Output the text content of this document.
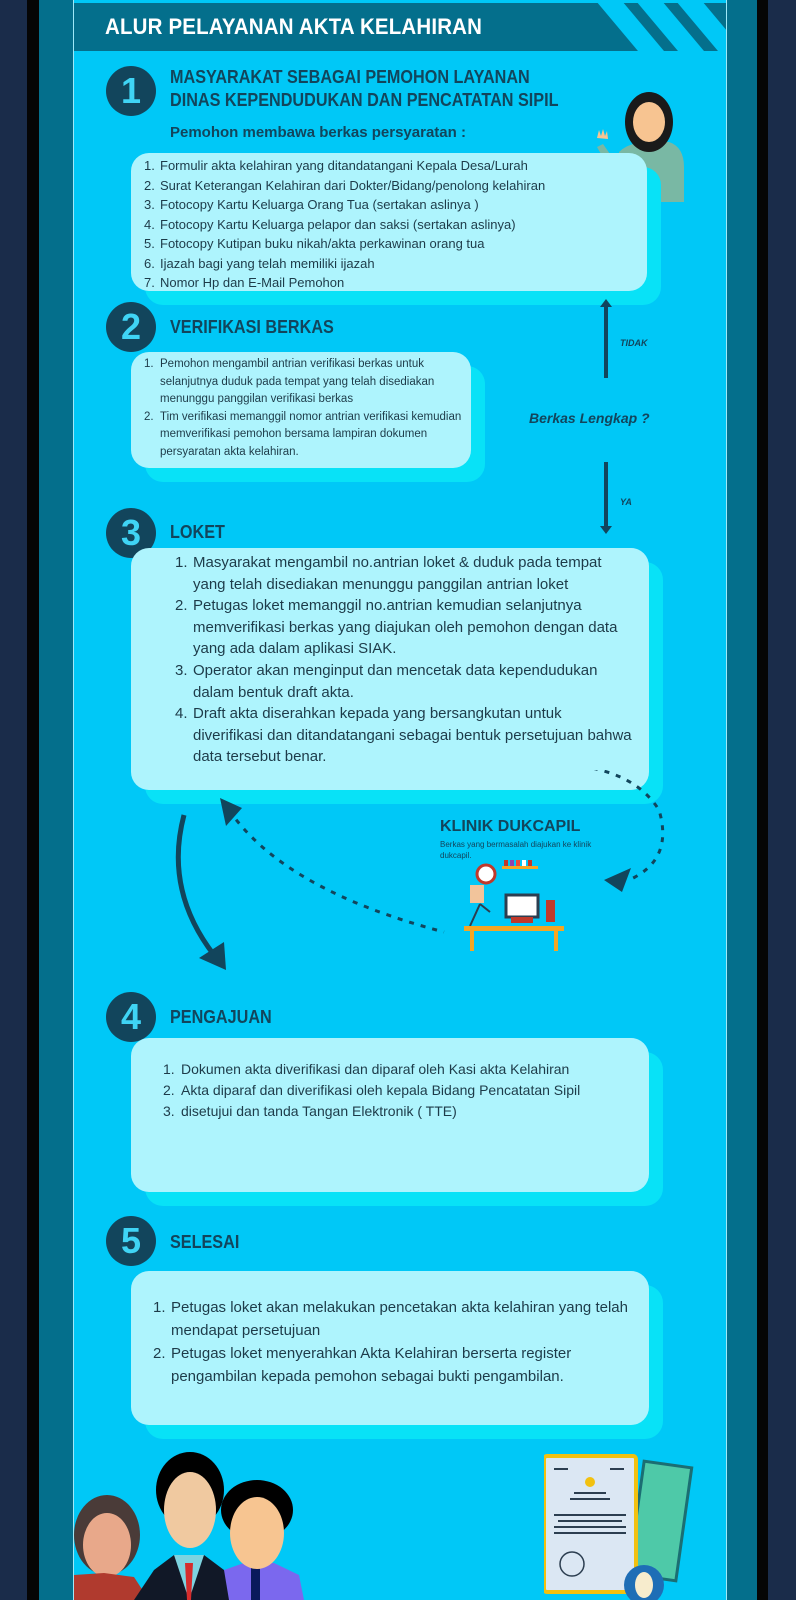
ALUR PELAYANAN AKTA KELAHIRAN
1	MASYARAKAT SEBAGAI PEMOHON LAYANAN
DINAS KEPENDUDUKAN DAN PENCATATAN SIPIL
Pemohon membawa berkas persyaratan :
1. Formulir akta kelahiran yang ditandatangani Kepala Desa/Lurah
2. Surat Keterangan Kelahiran dari Dokter/Bidang/penolong kelahiran
3. Fotocopy Kartu Keluarga Orang Tua (sertakan aslinya )
4. Fotocopy Kartu Keluarga pelapor dan saksi (sertakan aslinya)
5. Fotocopy Kutipan buku nikah/akta perkawinan orang tua
6. Ijazah bagi yang telah memiliki ijazah
7. Nomor Hp dan E-Mail Pemohon
2	VERIFIKASI BERKAS
1. Pemohon mengambil antrian verifikasi berkas untuk selanjutnya duduk pada tempat yang telah disediakan menunggu panggilan verifikasi berkas
2. Tim verifikasi memanggil nomor antrian verifikasi kemudian memverifikasi pemohon bersama lampiran dokumen persyaratan akta kelahiran.
TIDAK
Berkas Lengkap ?
YA
3	LOKET
1. Masyarakat mengambil no.antrian loket & duduk pada tempat yang telah disediakan menunggu panggilan antrian loket
2. Petugas loket memanggil no.antrian kemudian selanjutnya memverifikasi berkas yang diajukan oleh pemohon dengan data yang ada dalam aplikasi SIAK.
3. Operator akan menginput dan mencetak data kependudukan dalam bentuk draft akta.
4. Draft akta diserahkan kepada yang bersangkutan untuk diverifikasi dan ditandatangani sebagai bentuk persetujuan bahwa data tersebut benar.
KLINIK DUKCAPIL
Berkas yang bermasalah diajukan ke klinik dukcapil.
4	PENGAJUAN
1. Dokumen akta diverifikasi dan diparaf oleh Kasi akta Kelahiran
2. Akta diparaf dan diverifikasi oleh kepala Bidang Pencatatan Sipil
3. disetujui dan tanda Tangan Elektronik ( TTE)
5	SELESAI
1. Petugas loket akan melakukan pencetakan akta kelahiran yang telah mendapat persetujuan
2. Petugas loket menyerahkan Akta Kelahiran berserta register pengambilan kepada pemohon sebagai bukti pengambilan.
